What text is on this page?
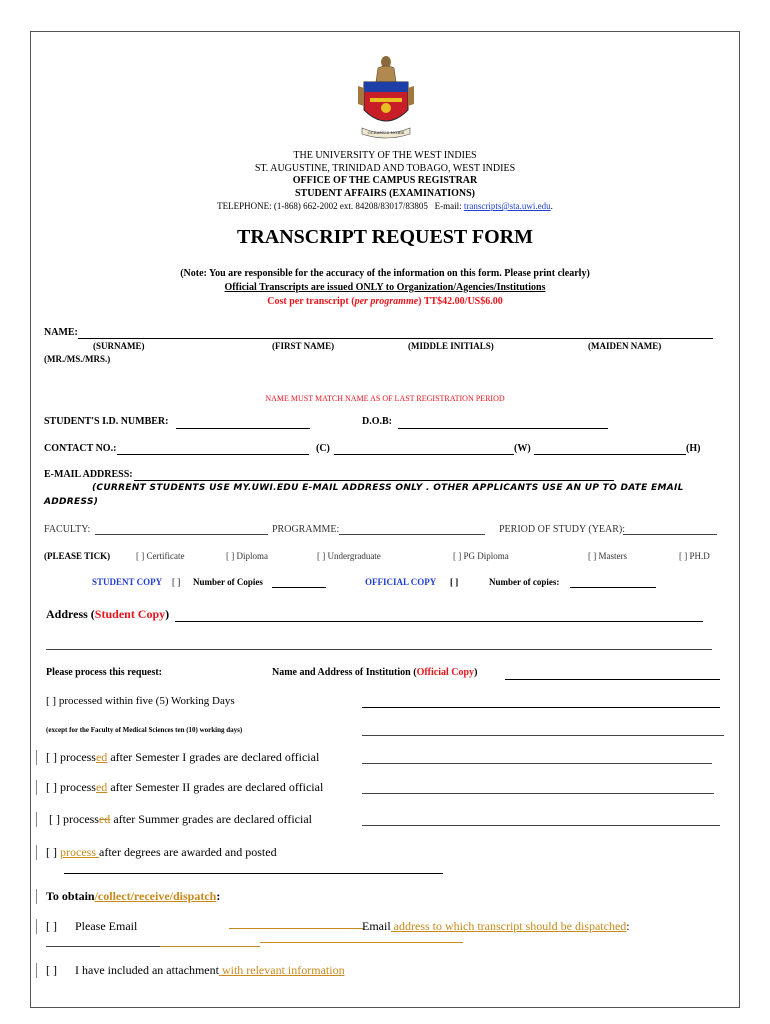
OCEANUS NOBIS
THE UNIVERSITY OF THE WEST INDIES
ST. AUGUSTINE, TRINIDAD AND TOBAGO, WEST INDIES
OFFICE OF THE CAMPUS REGISTRAR
STUDENT AFFAIRS (EXAMINATIONS)
TELEPHONE: (1-868) 662-2002 ext. 84208/83017/83805 E-mail: transcripts@sta.uwi.edu.
TRANSCRIPT REQUEST FORM
(Note: You are responsible for the accuracy of the information on this form. Please print clearly)
Official Transcripts are issued ONLY to Organization/Agencies/Institutions
Cost per transcript (per programme) TT$42.00/US$6.00
NAME:
(SURNAME)	(FIRST NAME)	(MIDDLE INITIALS)	(MAIDEN NAME)
(MR./MS./MRS.)
NAME MUST MATCH NAME AS OF LAST REGISTRATION PERIOD
STUDENT'S I.D. NUMBER:	D.O.B:
CONTACT NO.:	(C)	(W)	(H)
E-MAIL ADDRESS:
(CURRENT STUDENTS USE MY.UWI.EDU E-MAIL ADDRESS ONLY . OTHER APPLICANTS USE AN UP TO DATE EMAIL
ADDRESS)
FACULTY:	PROGRAMME:	PERIOD OF STUDY (YEAR):
(PLEASE TICK)	[ ] Certificate	[ ] Diploma	[ ] Undergraduate	[ ] PG Diploma	[ ] Masters	[ ] PH.D
STUDENT COPY [ ] Number of Copies	OFFICIAL COPY [ ]	Number of copies:
Address (Student Copy)
Please process this request:	Name and Address of Institution (Official Copy)
[ ] processed within five (5) Working Days
(except for the Faculty of Medical Sciences ten (10) working days)
[ ] processed after Semester I grades are declared official
[ ] processed after Semester II grades are declared official
[ ] processed after Summer grades are declared official
[ ] process after degrees are awarded and posted
To obtain/collect/receive/dispatch:
[ ] Please Email	Email address to which transcript should be dispatched:
[ ] I have included an attachment with relevant information
